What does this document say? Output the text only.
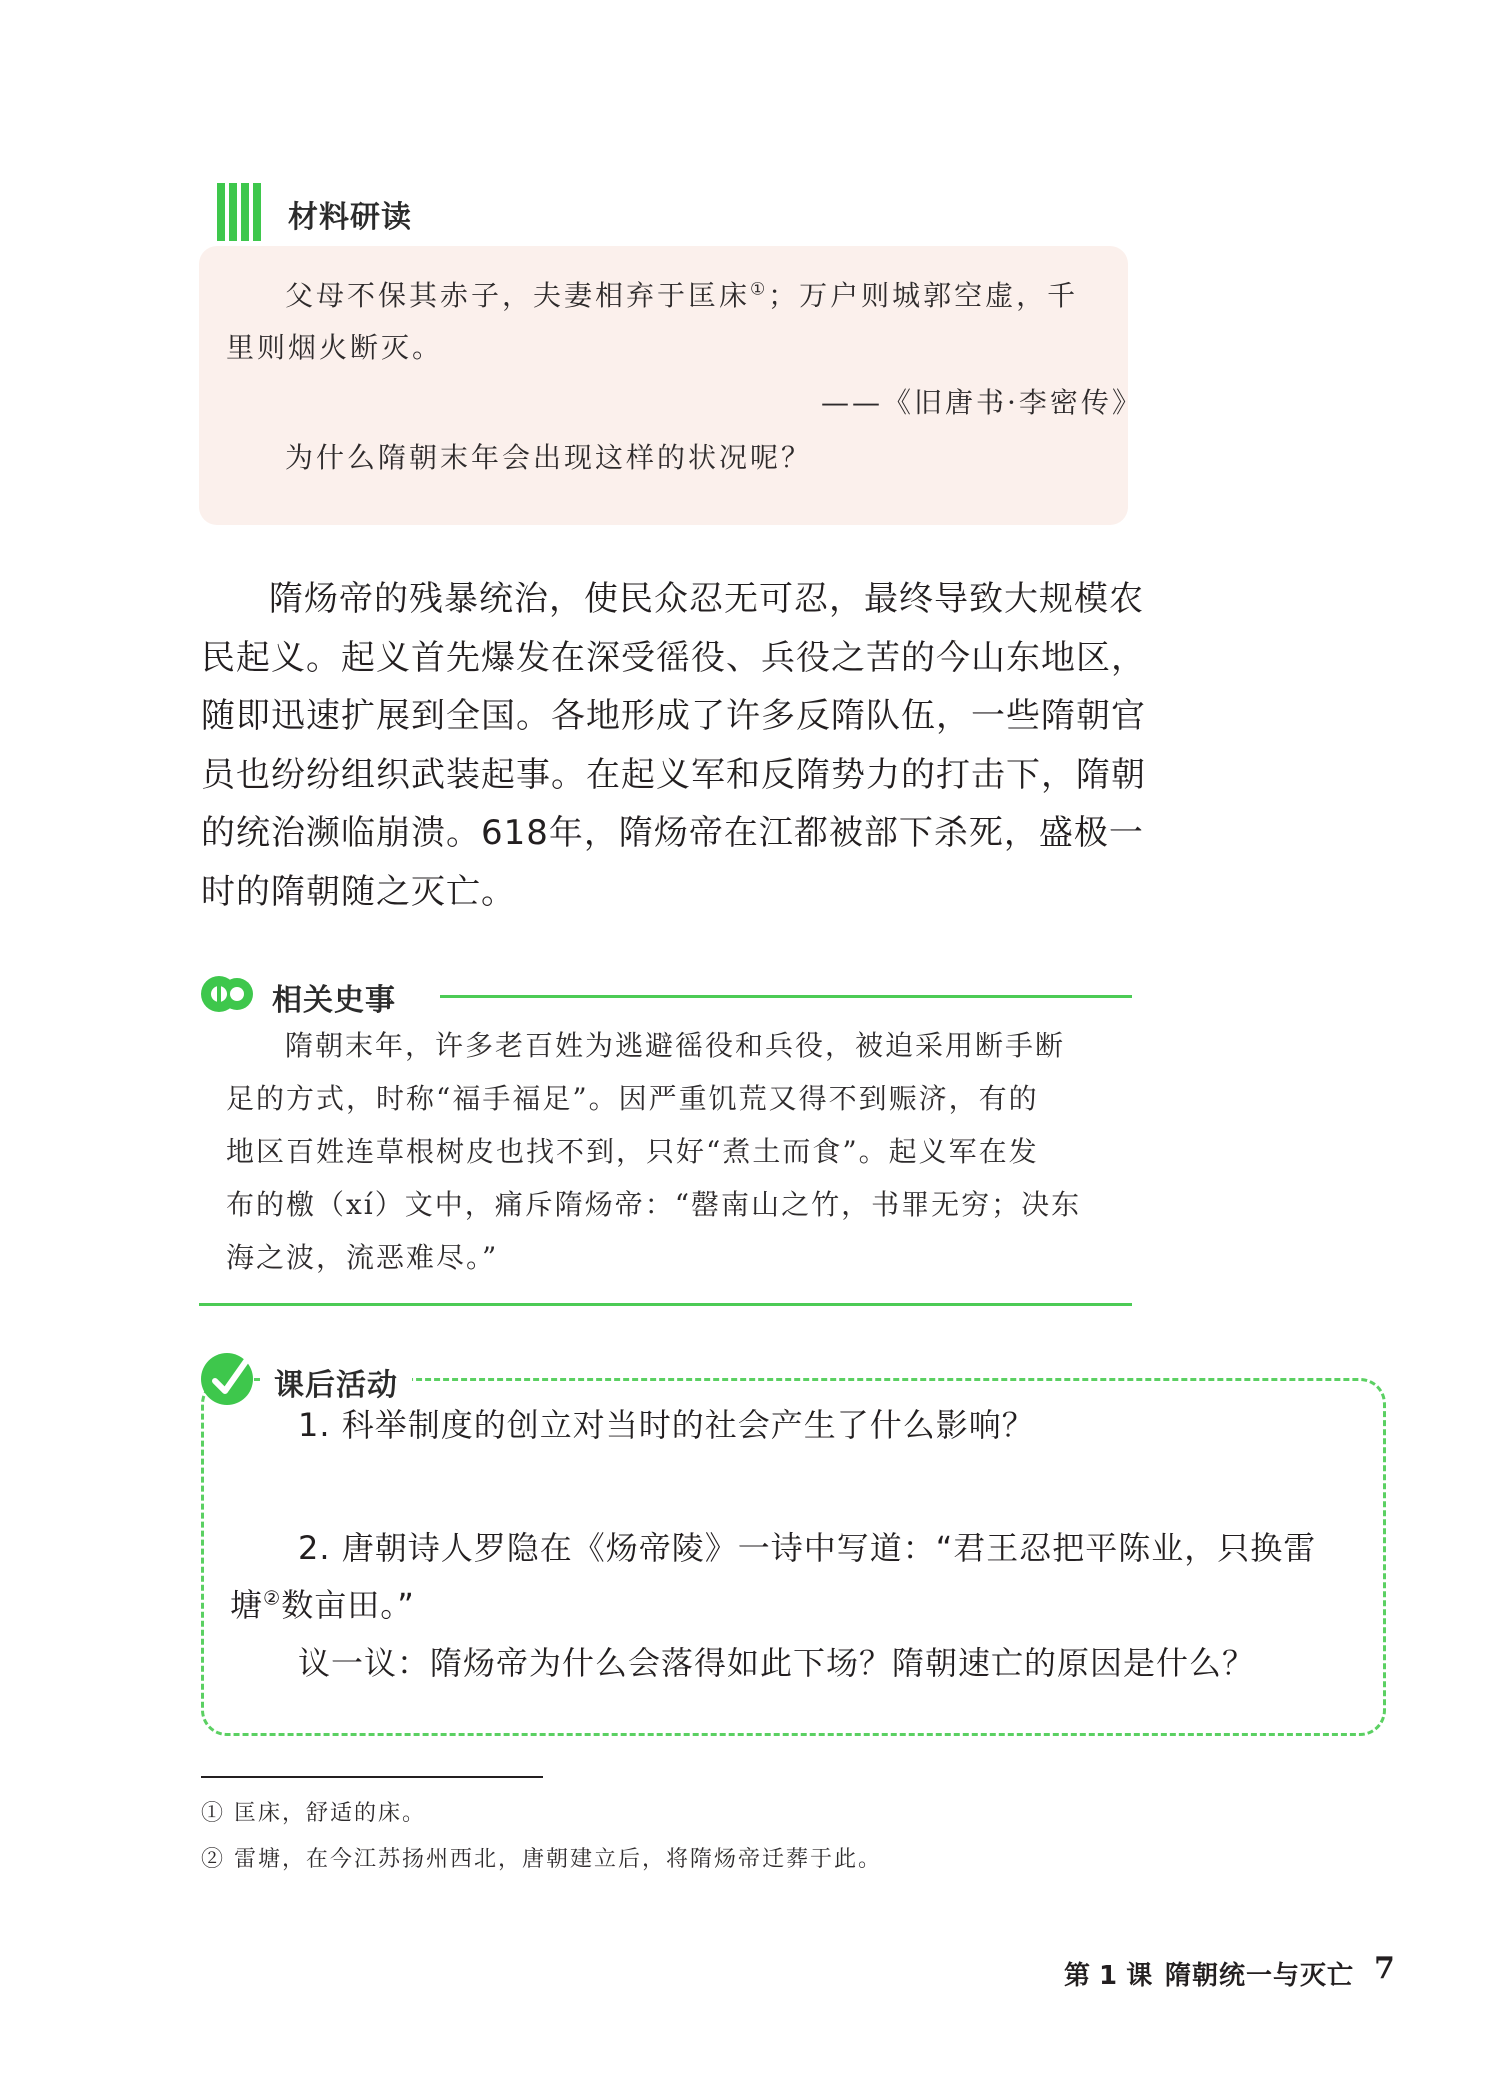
材料研读
父母不保其赤子，夫妻相弃于匡床①；万户则城郭空虚，千
里则烟火断灭。
——《旧唐书·李密传》
为什么隋朝末年会出现这样的状况呢？
隋炀帝的残暴统治，使民众忍无可忍，最终导致大规模农
民起义。起义首先爆发在深受徭役、兵役之苦的今山东地区，
随即迅速扩展到全国。各地形成了许多反隋队伍，一些隋朝官
员也纷纷组织武装起事。在起义军和反隋势力的打击下，隋朝
的统治濒临崩溃。618年，隋炀帝在江都被部下杀死，盛极一
时的隋朝随之灭亡。
相关史事
隋朝末年，许多老百姓为逃避徭役和兵役，被迫采用断手断
足的方式，时称“福手福足”。因严重饥荒又得不到赈济，有的
地区百姓连草根树皮也找不到，只好“煮土而食”。起义军在发
布的檄（xí）文中，痛斥隋炀帝：“罄南山之竹，书罪无穷；决东
海之波，流恶难尽。”
课后活动
1. 科举制度的创立对当时的社会产生了什么影响？
2. 唐朝诗人罗隐在《炀帝陵》一诗中写道：“君王忍把平陈业，只换雷
塘②数亩田。”
议一议：隋炀帝为什么会落得如此下场？隋朝速亡的原因是什么？
① 匡床，舒适的床。
② 雷塘，在今江苏扬州西北，唐朝建立后，将隋炀帝迁葬于此。
第 1 课 隋朝统一与灭亡 7
